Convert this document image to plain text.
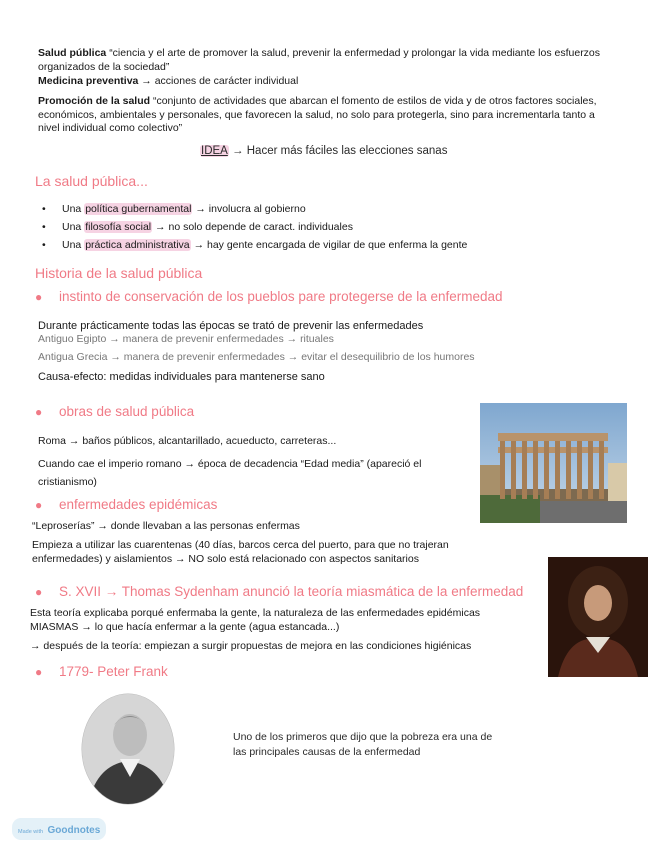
Salud pública “ciencia y el arte de promover la salud, prevenir la enfermedad y prolongar la vida mediante los esfuerzos organizados de la sociedad”
Medicina preventiva → acciones de carácter individual
Promoción de la salud “conjunto de actividades que abarcan el fomento de estilos de vida y de otros factores sociales, económicos, ambientales y personales, que favorecen la salud, no solo para protegerla, sino para incrementarla tanto a nivel individual como colectivo”
IDEA → Hacer más fáciles las elecciones sanas
La salud pública...
• Una política gubernamental → involucra al gobierno
• Una filosofía social → no solo depende de caract. individuales
• Una práctica administrativa → hay gente encargada de vigilar de que enferma la gente
Historia de la salud pública
● instinto de conservación de los pueblos pare protegerse de la enfermedad
Durante prácticamente todas las épocas se trató de prevenir las enfermedades
Antiguo Egipto → manera de prevenir enfermedades → rituales
Antigua Grecia → manera de prevenir enfermedades → evitar el desequilibrio de los humores
Causa-efecto: medidas individuales para mantenerse sano
● obras de salud pública
Roma → baños públicos, alcantarillado, acueducto, carreteras...
Cuando cae el imperio romano → época de decadencia “Edad media” (apareció el cristianismo)
● enfermedades epidémicas
“Leproserías” → donde llevaban a las personas enfermas
Empieza a utilizar las cuarentenas (40 días, barcos cerca del puerto, para que no trajeran enfermedades) y aislamientos → NO solo está relacionado con aspectos sanitarios
● S. XVII → Thomas Sydenham anunció la teoría miasmática de la enfermedad
Esta teoría explicaba porqué enfermaba la gente, la naturaleza de las enfermedades epidémicas
MIASMAS → lo que hacía enfermar a la gente (agua estancada...)
→ después de la teoría: empiezan a surgir propuestas de mejora en las condiciones higiénicas
● 1779- Peter Frank
Uno de los primeros que dijo que la pobreza era una de las principales causas de la enfermedad
Made with Goodnotes
